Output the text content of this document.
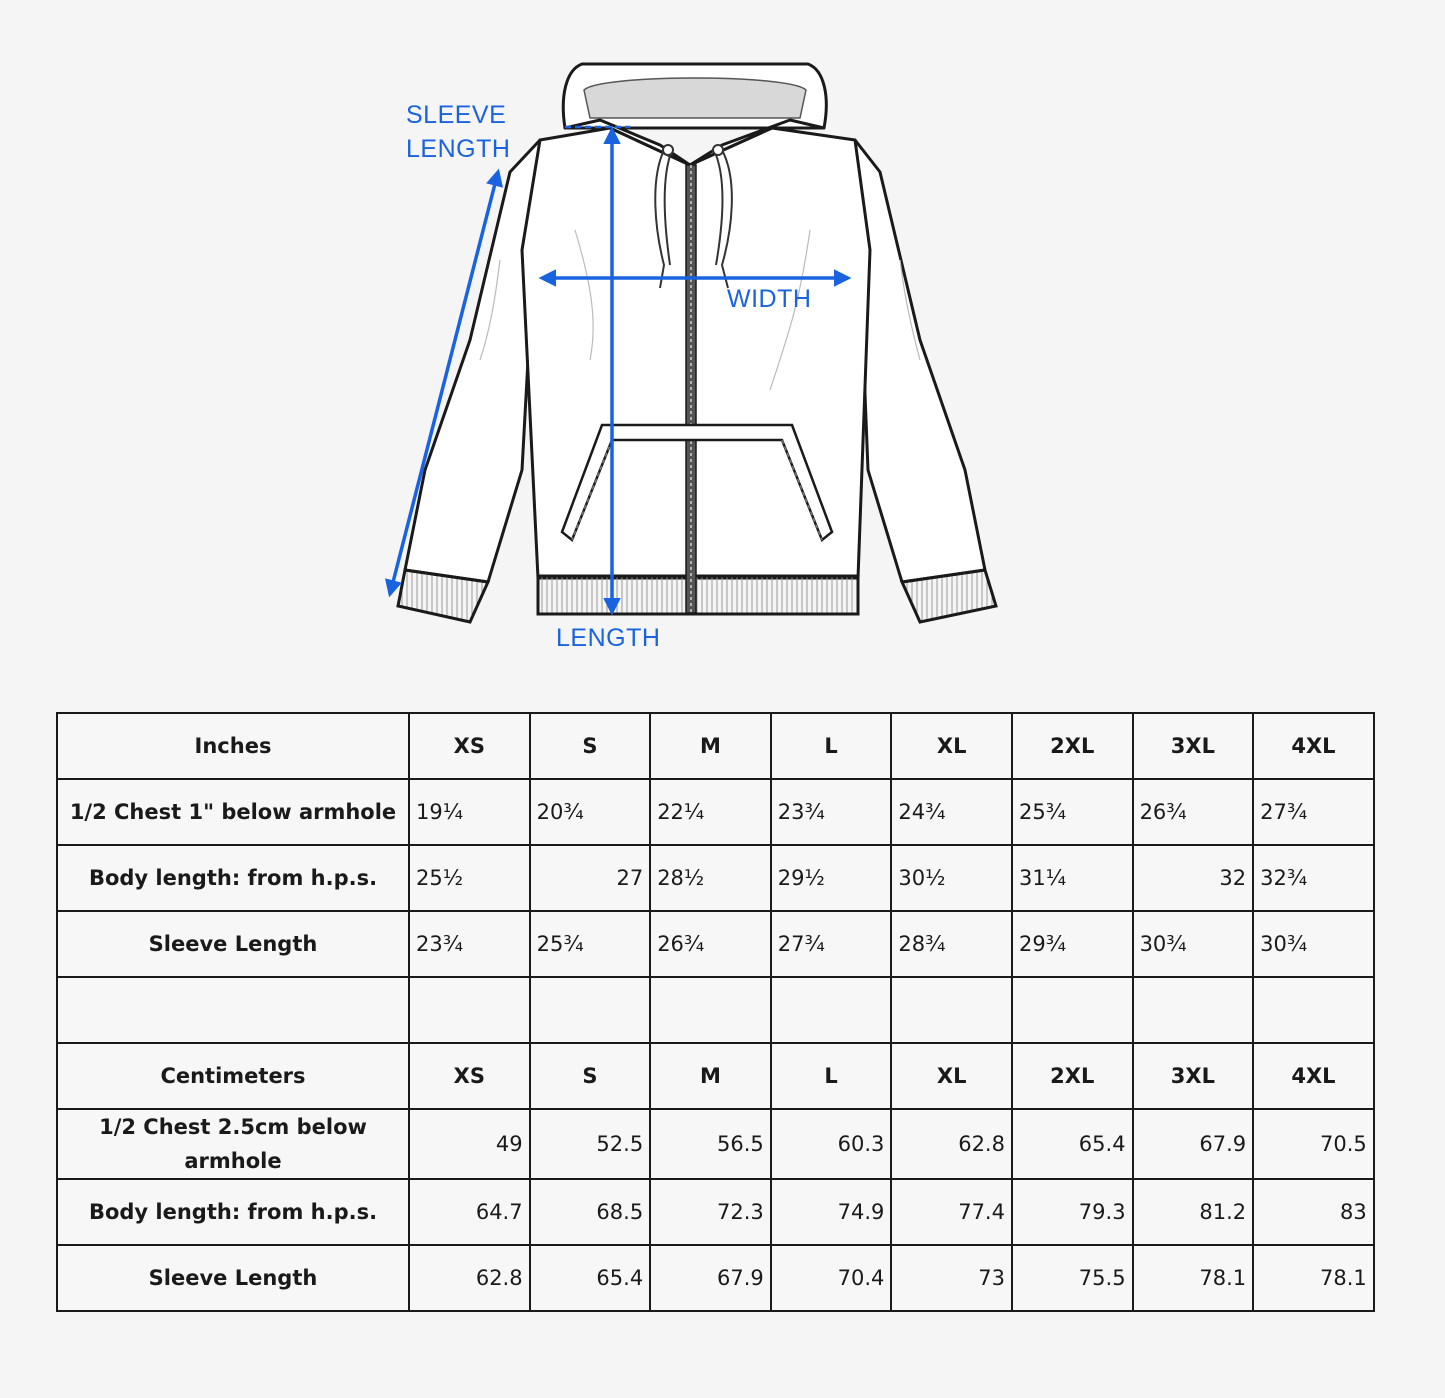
SLEEVE
LENGTH
WIDTH
LENGTH
Inches	XS	S	M	L	XL	2XL	3XL	4XL
1/2 Chest 1" below armhole	19¼	20¾	22¼	23¾	24¾	25¾	26¾	27¾
Body length: from h.p.s.	25½	27	28½	29½	30½	31¼	32	32¾
Sleeve Length	23¾	25¾	26¾	27¾	28¾	29¾	30¾	30¾

Centimeters	XS	S	M	L	XL	2XL	3XL	4XL
1/2 Chest 2.5cm below armhole	49	52.5	56.5	60.3	62.8	65.4	67.9	70.5
Body length: from h.p.s.	64.7	68.5	72.3	74.9	77.4	79.3	81.2	83
Sleeve Length	62.8	65.4	67.9	70.4	73	75.5	78.1	78.1
